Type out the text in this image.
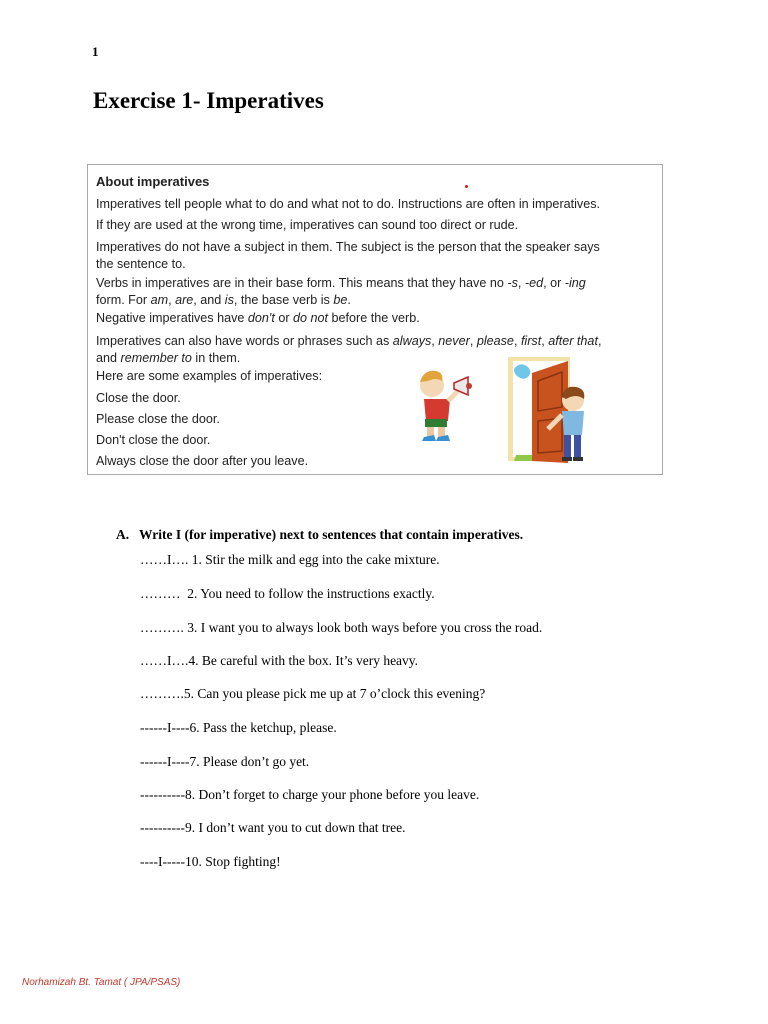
1
Exercise 1- Imperatives
About imperatives
Imperatives tell people what to do and what not to do. Instructions are often in imperatives.
If they are used at the wrong time, imperatives can sound too direct or rude.
Imperatives do not have a subject in them. The subject is the person that the speaker says
the sentence to.
Verbs in imperatives are in their base form. This means that they have no -s, -ed, or -ing
form. For am, are, and is, the base verb is be.
Negative imperatives have don't or do not before the verb.
Imperatives can also have words or phrases such as always, never, please, first, after that,
and remember to in them.
Here are some examples of imperatives:
Close the door.
Please close the door.
Don't close the door.
Always close the door after you leave.
A. Write I (for imperative) next to sentences that contain imperatives.
……I…. 1. Stir the milk and egg into the cake mixture.
………  2. You need to follow the instructions exactly.
………. 3. I want you to always look both ways before you cross the road.
……I….4. Be careful with the box. It’s very heavy.
……….5. Can you please pick me up at 7 o’clock this evening?
------I----6. Pass the ketchup, please.
------I----7. Please don’t go yet.
----------8. Don’t forget to charge your phone before you leave.
----------9. I don’t want you to cut down that tree.
----I-----10. Stop fighting!
Norhamizah Bt. Tamat ( JPA/PSAS)
